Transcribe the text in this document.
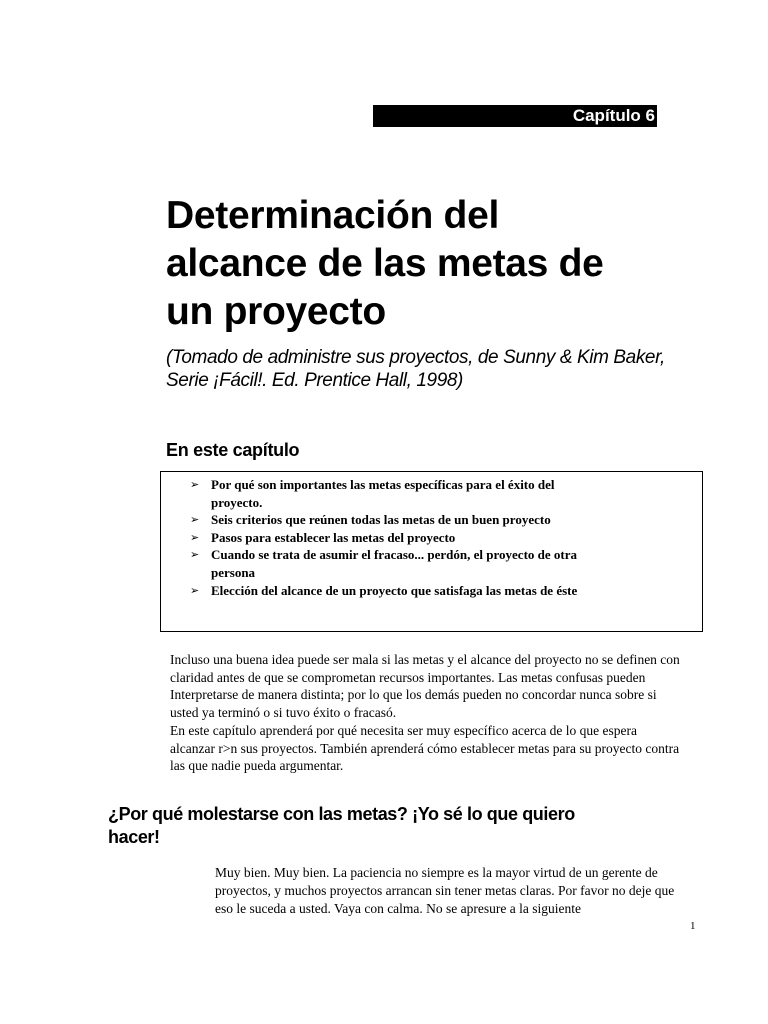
Capítulo 6
Determinación del
alcance de las metas de
un proyecto

(Tomado de administre sus proyectos, de Sunny & Kim Baker,
Serie ¡Fácil!. Ed. Prentice Hall, 1998)

En este capítulo
➢ Por qué son importantes las metas específicas para el éxito del proyecto.
➢ Seis criterios que reúnen todas las metas de un buen proyecto
➢ Pasos para establecer las metas del proyecto
➢ Cuando se trata de asumir el fracaso... perdón, el proyecto de otra persona
➢ Elección del alcance de un proyecto que satisfaga las metas de éste

Incluso una buena idea puede ser mala si las metas y el alcance del proyecto no se definen con claridad antes de que se comprometan recursos importantes. Las metas confusas pueden Interpretarse de manera distinta; por lo que los demás pueden no concordar nunca sobre si usted ya terminó o si tuvo éxito o fracasó.

En este capítulo aprenderá por qué necesita ser muy específico acerca de lo que espera alcanzar r>n sus proyectos. También aprenderá cómo establecer metas para su proyecto contra las que nadie pueda argumentar.

¿Por qué molestarse con las metas? ¡Yo sé lo que quiero hacer!

Muy bien. Muy bien. La paciencia no siempre es la mayor virtud de un gerente de proyectos, y muchos proyectos arrancan sin tener metas claras. Por favor no deje que eso le suceda a usted. Vaya con calma. No se apresure a la siguiente

1
